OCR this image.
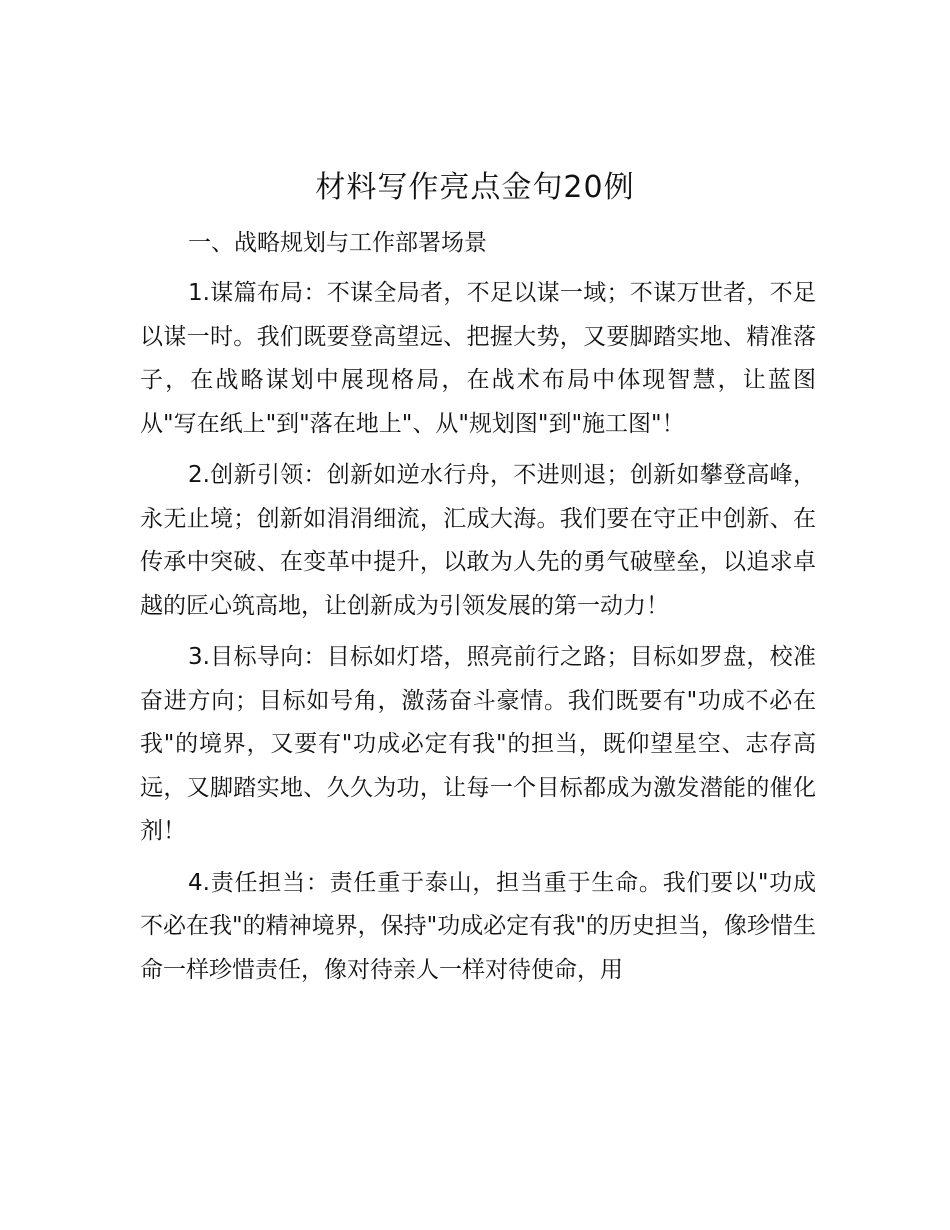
材料写作亮点金句20例

一、战略规划与工作部署场景

1.谋篇布局：不谋全局者，不足以谋一域；不谋万世者，不足以谋一时。我们既要登高望远、把握大势，又要脚踏实地、精准落子，在战略谋划中展现格局，在战术布局中体现智慧，让蓝图从"写在纸上"到"落在地上"、从"规划图"到"施工图"！

2.创新引领：创新如逆水行舟，不进则退；创新如攀登高峰，永无止境；创新如涓涓细流，汇成大海。我们要在守正中创新、在传承中突破、在变革中提升，以敢为人先的勇气破壁垒，以追求卓越的匠心筑高地，让创新成为引领发展的第一动力！

3.目标导向：目标如灯塔，照亮前行之路；目标如罗盘，校准奋进方向；目标如号角，激荡奋斗豪情。我们既要有"功成不必在我"的境界，又要有"功成必定有我"的担当，既仰望星空、志存高远，又脚踏实地、久久为功，让每一个目标都成为激发潜能的催化剂！

4.责任担当：责任重于泰山，担当重于生命。我们要以"功成不必在我"的精神境界，保持"功成必定有我"的历史担当，像珍惜生命一样珍惜责任，像对待亲人一样对待使命，用
